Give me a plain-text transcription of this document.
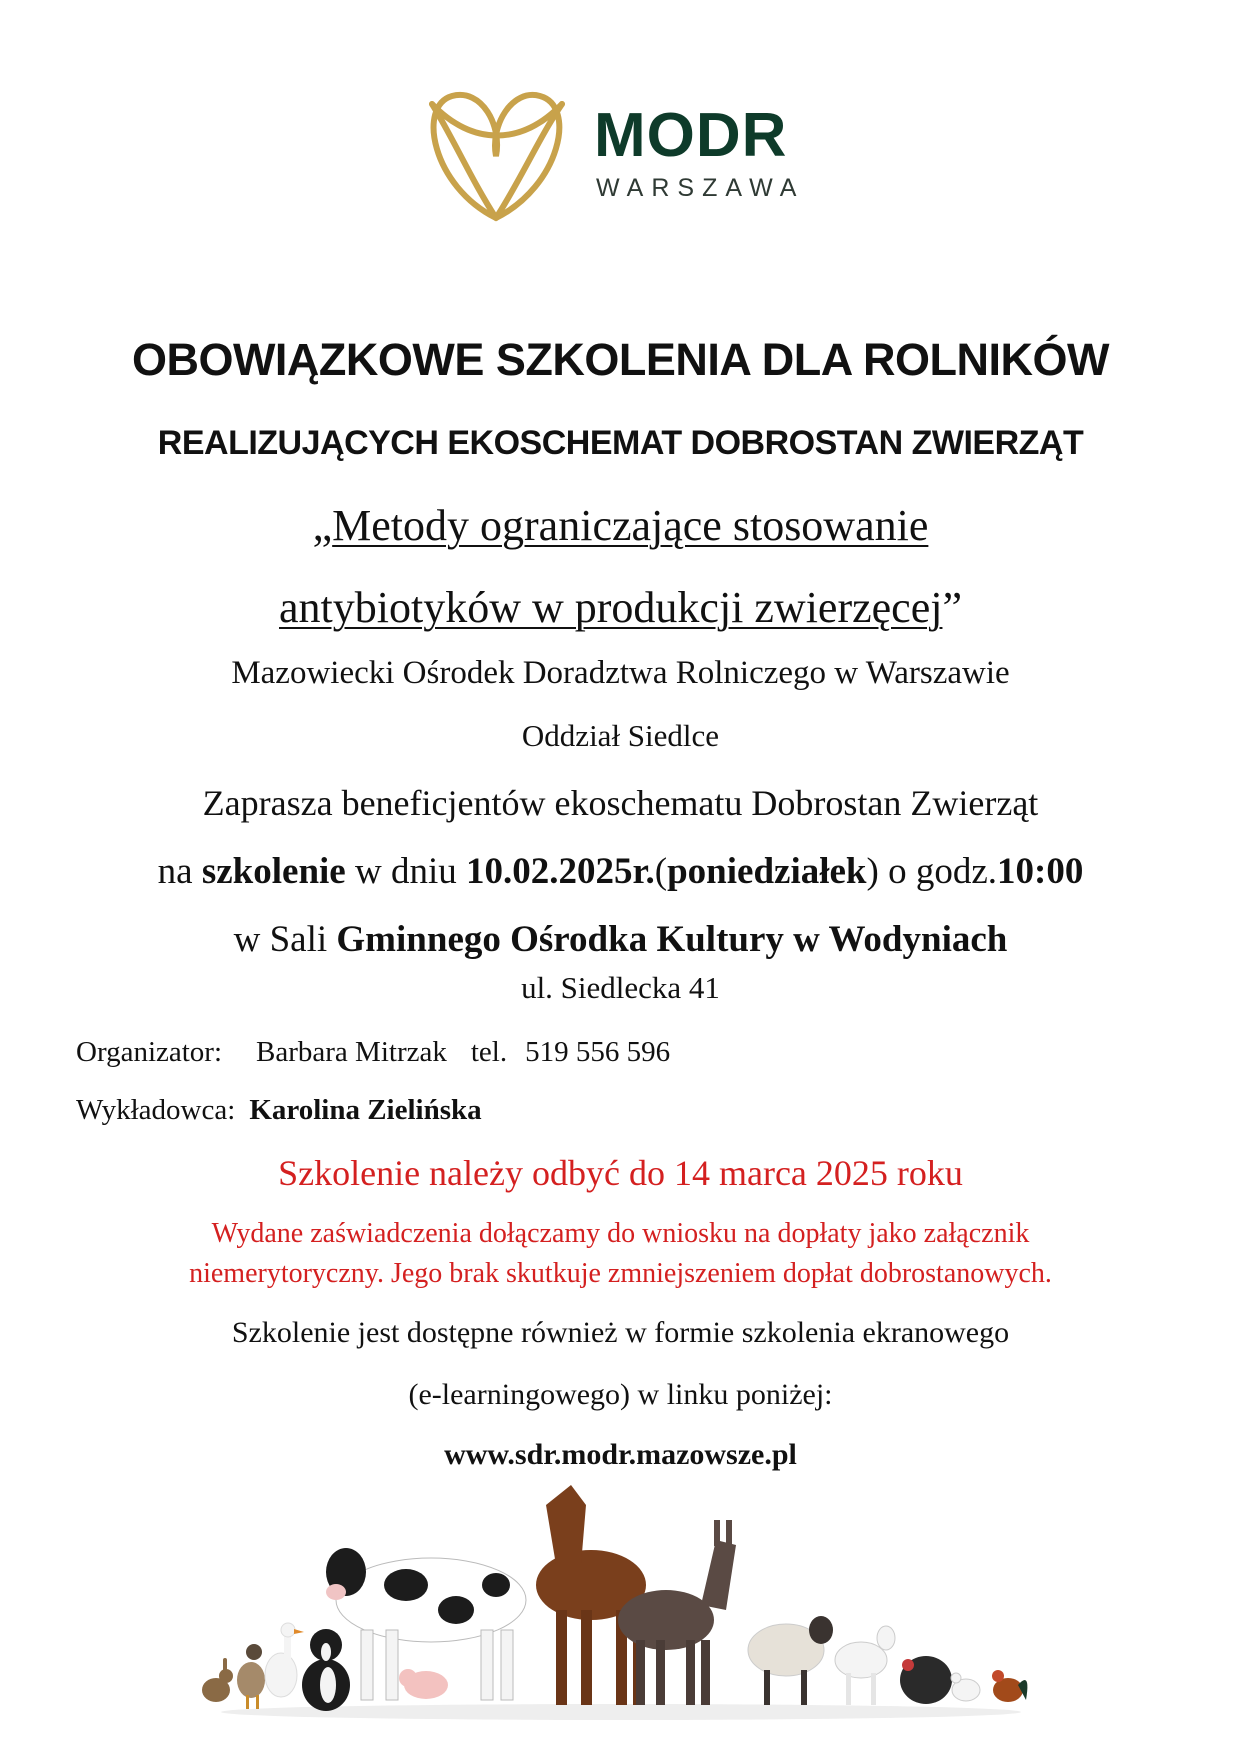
MODR
WARSZAWA
OBOWIĄZKOWE SZKOLENIA DLA ROLNIKÓW
REALIZUJĄCYCH EKOSCHEMAT DOBROSTAN ZWIERZĄT
„Metody ograniczające stosowanie
antybiotyków w produkcji zwierzęcej”
Mazowiecki Ośrodek Doradztwa Rolniczego w Warszawie
Oddział Siedlce
Zaprasza beneficjentów ekoschematu Dobrostan Zwierząt
na szkolenie w dniu 10.02.2025r.(poniedziałek) o godz.10:00
w Sali Gminnego Ośrodka Kultury w Wodyniach
ul. Siedlecka 41
Organizator: Barbara Mitrzak tel. 519 556 596
Wykładowca: Karolina Zielińska
Szkolenie należy odbyć do 14 marca 2025 roku
Wydane zaświadczenia dołączamy do wniosku na dopłaty jako załącznik
niemerytoryczny. Jego brak skutkuje zmniejszeniem dopłat dobrostanowych.
Szkolenie jest dostępne również w formie szkolenia ekranowego
(e-learningowego) w linku poniżej:
www.sdr.modr.mazowsze.pl
